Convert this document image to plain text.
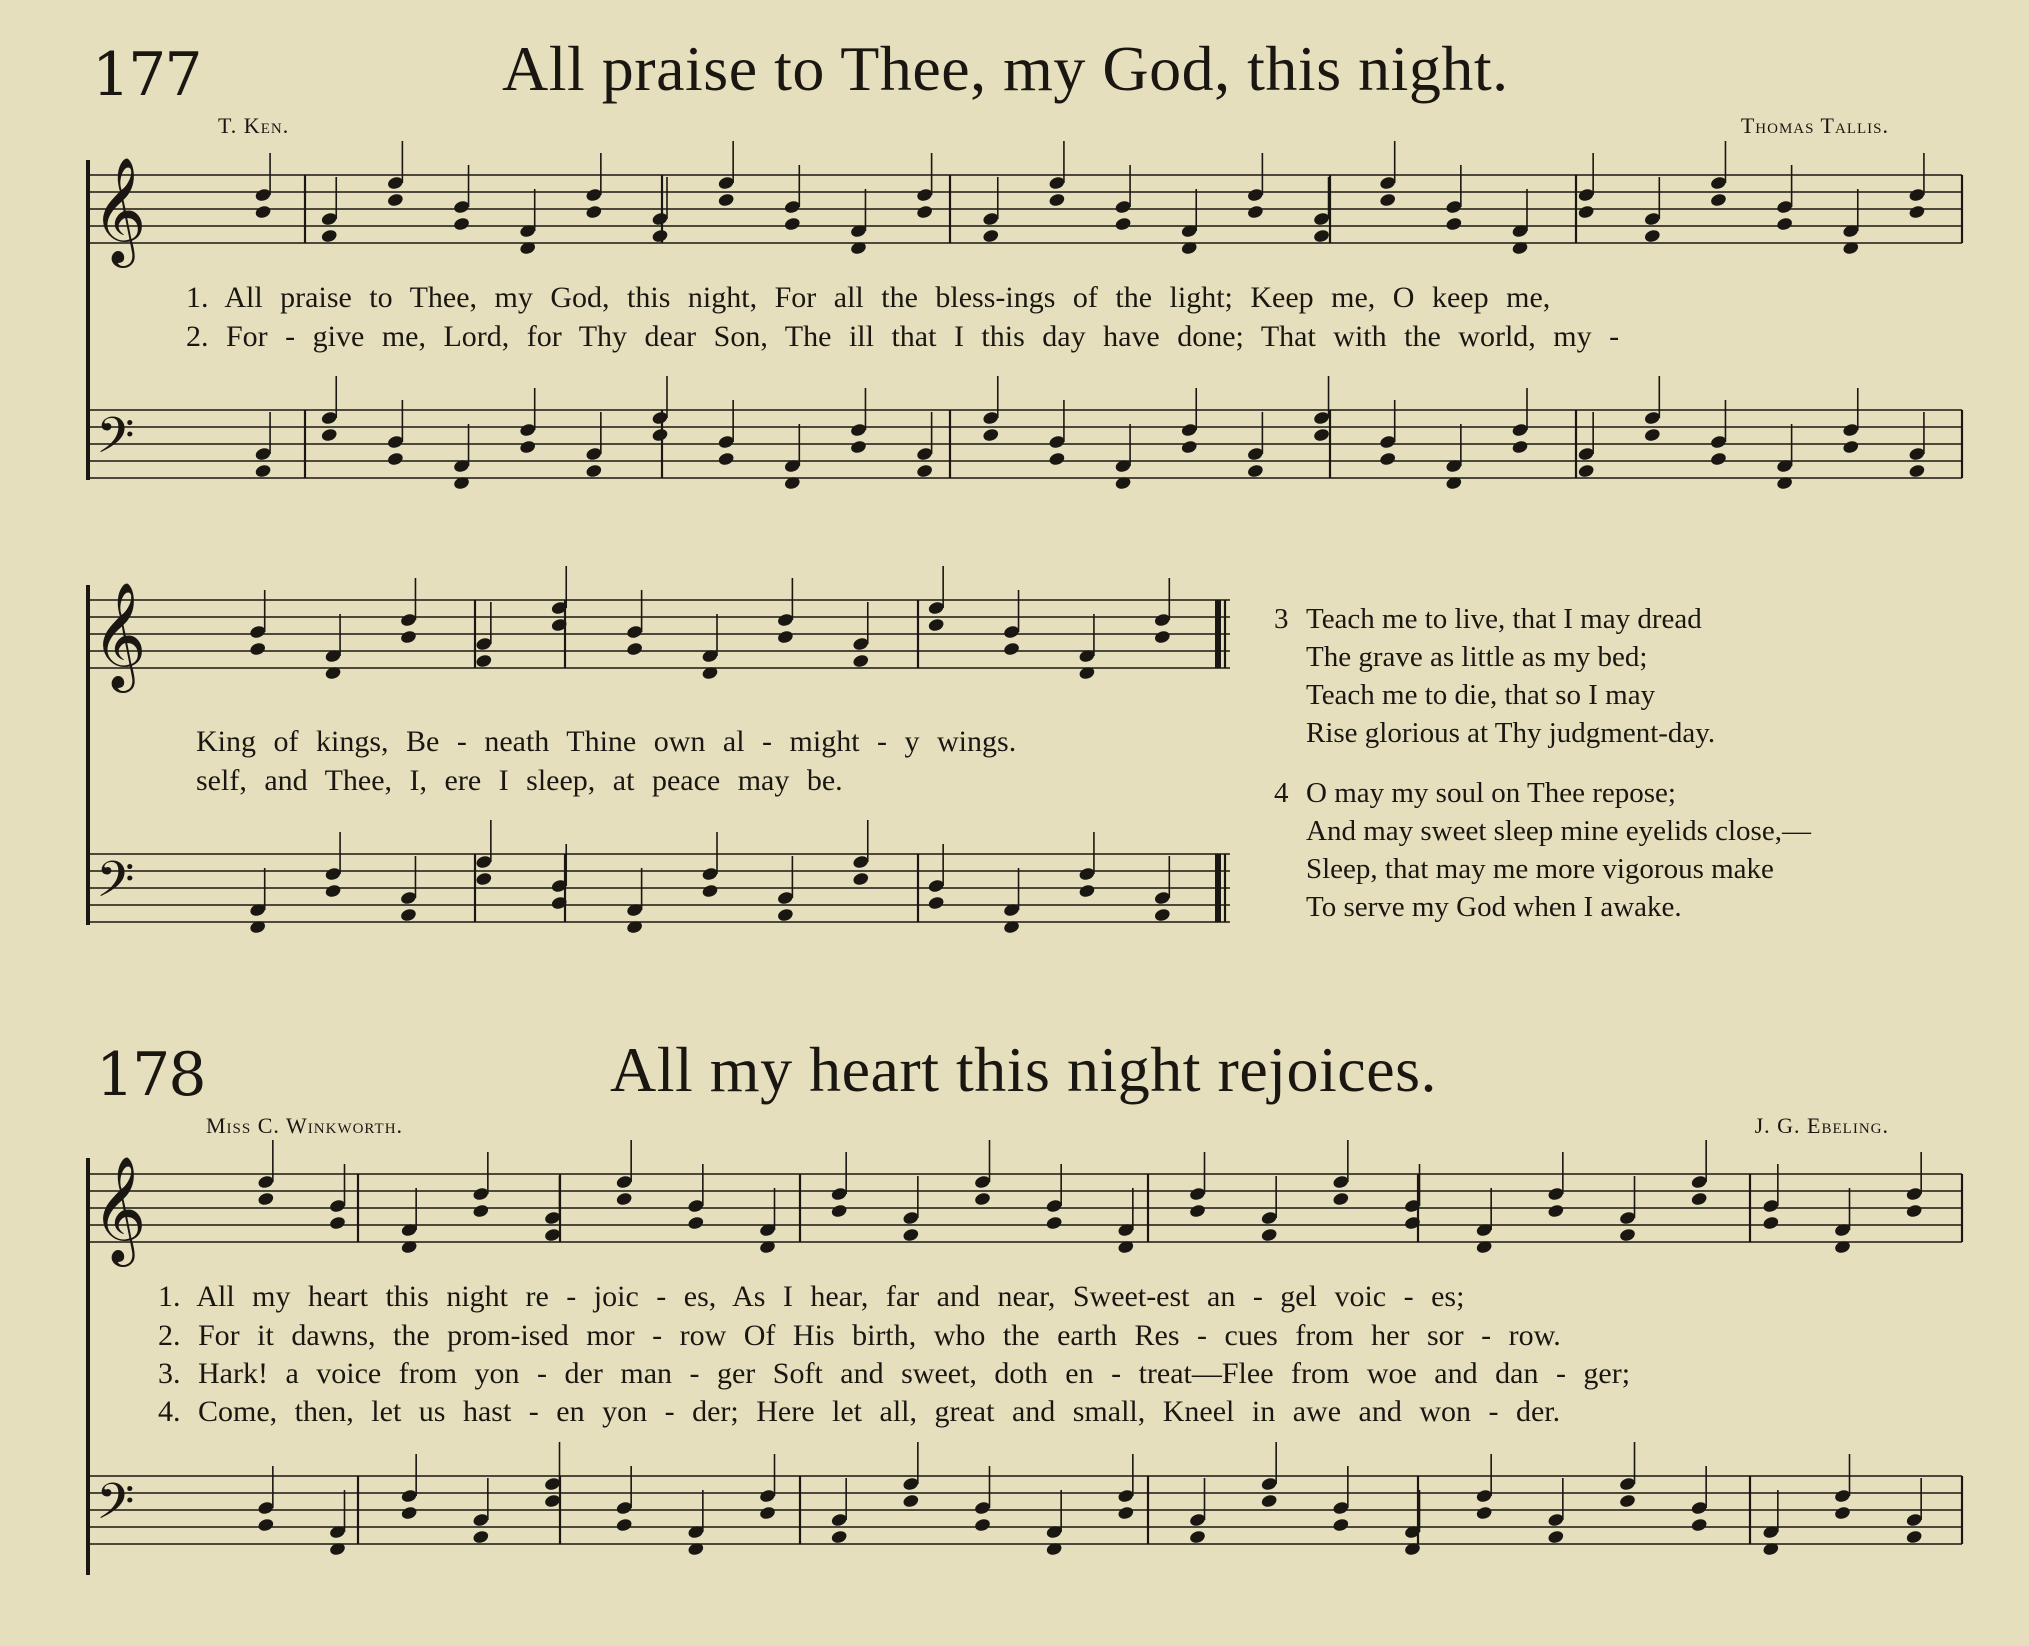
177	All praise to Thee, my God, this night.
T. Ken.	Thomas Tallis.
1. All praise to Thee, my God, this night, For all the bless-ings of the light; Keep me, O keep me,
2. For - give me, Lord, for Thy dear Son, The ill that I this day have done; That with the world, my -
King of kings, Be - neath Thine own al - might - y wings.
self, and Thee, I, ere I sleep, at peace may be.
3 Teach me to live, that I may dread
The grave as little as my bed;
Teach me to die, that so I may
Rise glorious at Thy judgment-day.
4 O may my soul on Thee repose;
And may sweet sleep mine eyelids close,—
Sleep, that may me more vigorous make
To serve my God when I awake.
178	All my heart this night rejoices.
Miss C. Winkworth.	J. G. Ebeling.
1. All my heart this night re - joic - es, As I hear, far and near, Sweet-est an - gel voic - es;
2. For it dawns, the prom-ised mor - row Of His birth, who the earth Res - cues from her sor - row.
3. Hark! a voice from yon - der man - ger Soft and sweet, doth en - treat—Flee from woe and dan - ger;
4. Come, then, let us hast - en yon - der; Here let all, great and small, Kneel in awe and won - der.
𝄞
𝄢
𝄞
𝄢
𝄞
𝄢
